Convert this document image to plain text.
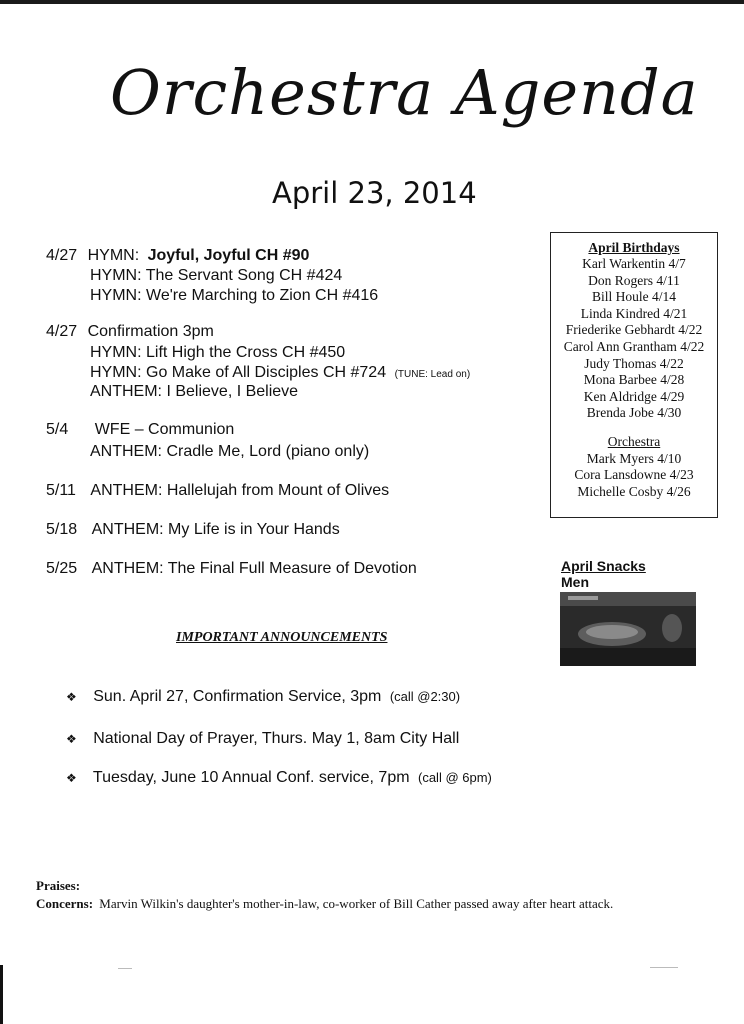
Orchestra Agenda
April 23, 2014
4/27 HYMN: Joyful, Joyful CH #90
HYMN: The Servant Song CH #424
HYMN: We're Marching to Zion CH #416
4/27 Confirmation 3pm
HYMN: Lift High the Cross CH #450
HYMN: Go Make of All Disciples CH #724 (TUNE: Lead on)
ANTHEM: I Believe, I Believe
5/4 WFE – Communion
ANTHEM: Cradle Me, Lord (piano only)
5/11 ANTHEM: Hallelujah from Mount of Olives
5/18 ANTHEM: My Life is in Your Hands
5/25 ANTHEM: The Final Full Measure of Devotion
April Birthdays
Karl Warkentin 4/7
Don Rogers 4/11
Bill Houle 4/14
Linda Kindred 4/21
Friederike Gebhardt 4/22
Carol Ann Grantham 4/22
Judy Thomas 4/22
Mona Barbee 4/28
Ken Aldridge 4/29
Brenda Jobe 4/30
Orchestra
Mark Myers 4/10
Cora Lansdowne 4/23
Michelle Cosby 4/26
April Snacks
Men
IMPORTANT ANNOUNCEMENTS
❖ Sun. April 27, Confirmation Service, 3pm (call @2:30)
❖ National Day of Prayer, Thurs. May 1, 8am City Hall
❖ Tuesday, June 10 Annual Conf. service, 7pm (call @ 6pm)
Praises:
Concerns: Marvin Wilkin's daughter's mother-in-law, co-worker of Bill Cather passed away after heart attack.
